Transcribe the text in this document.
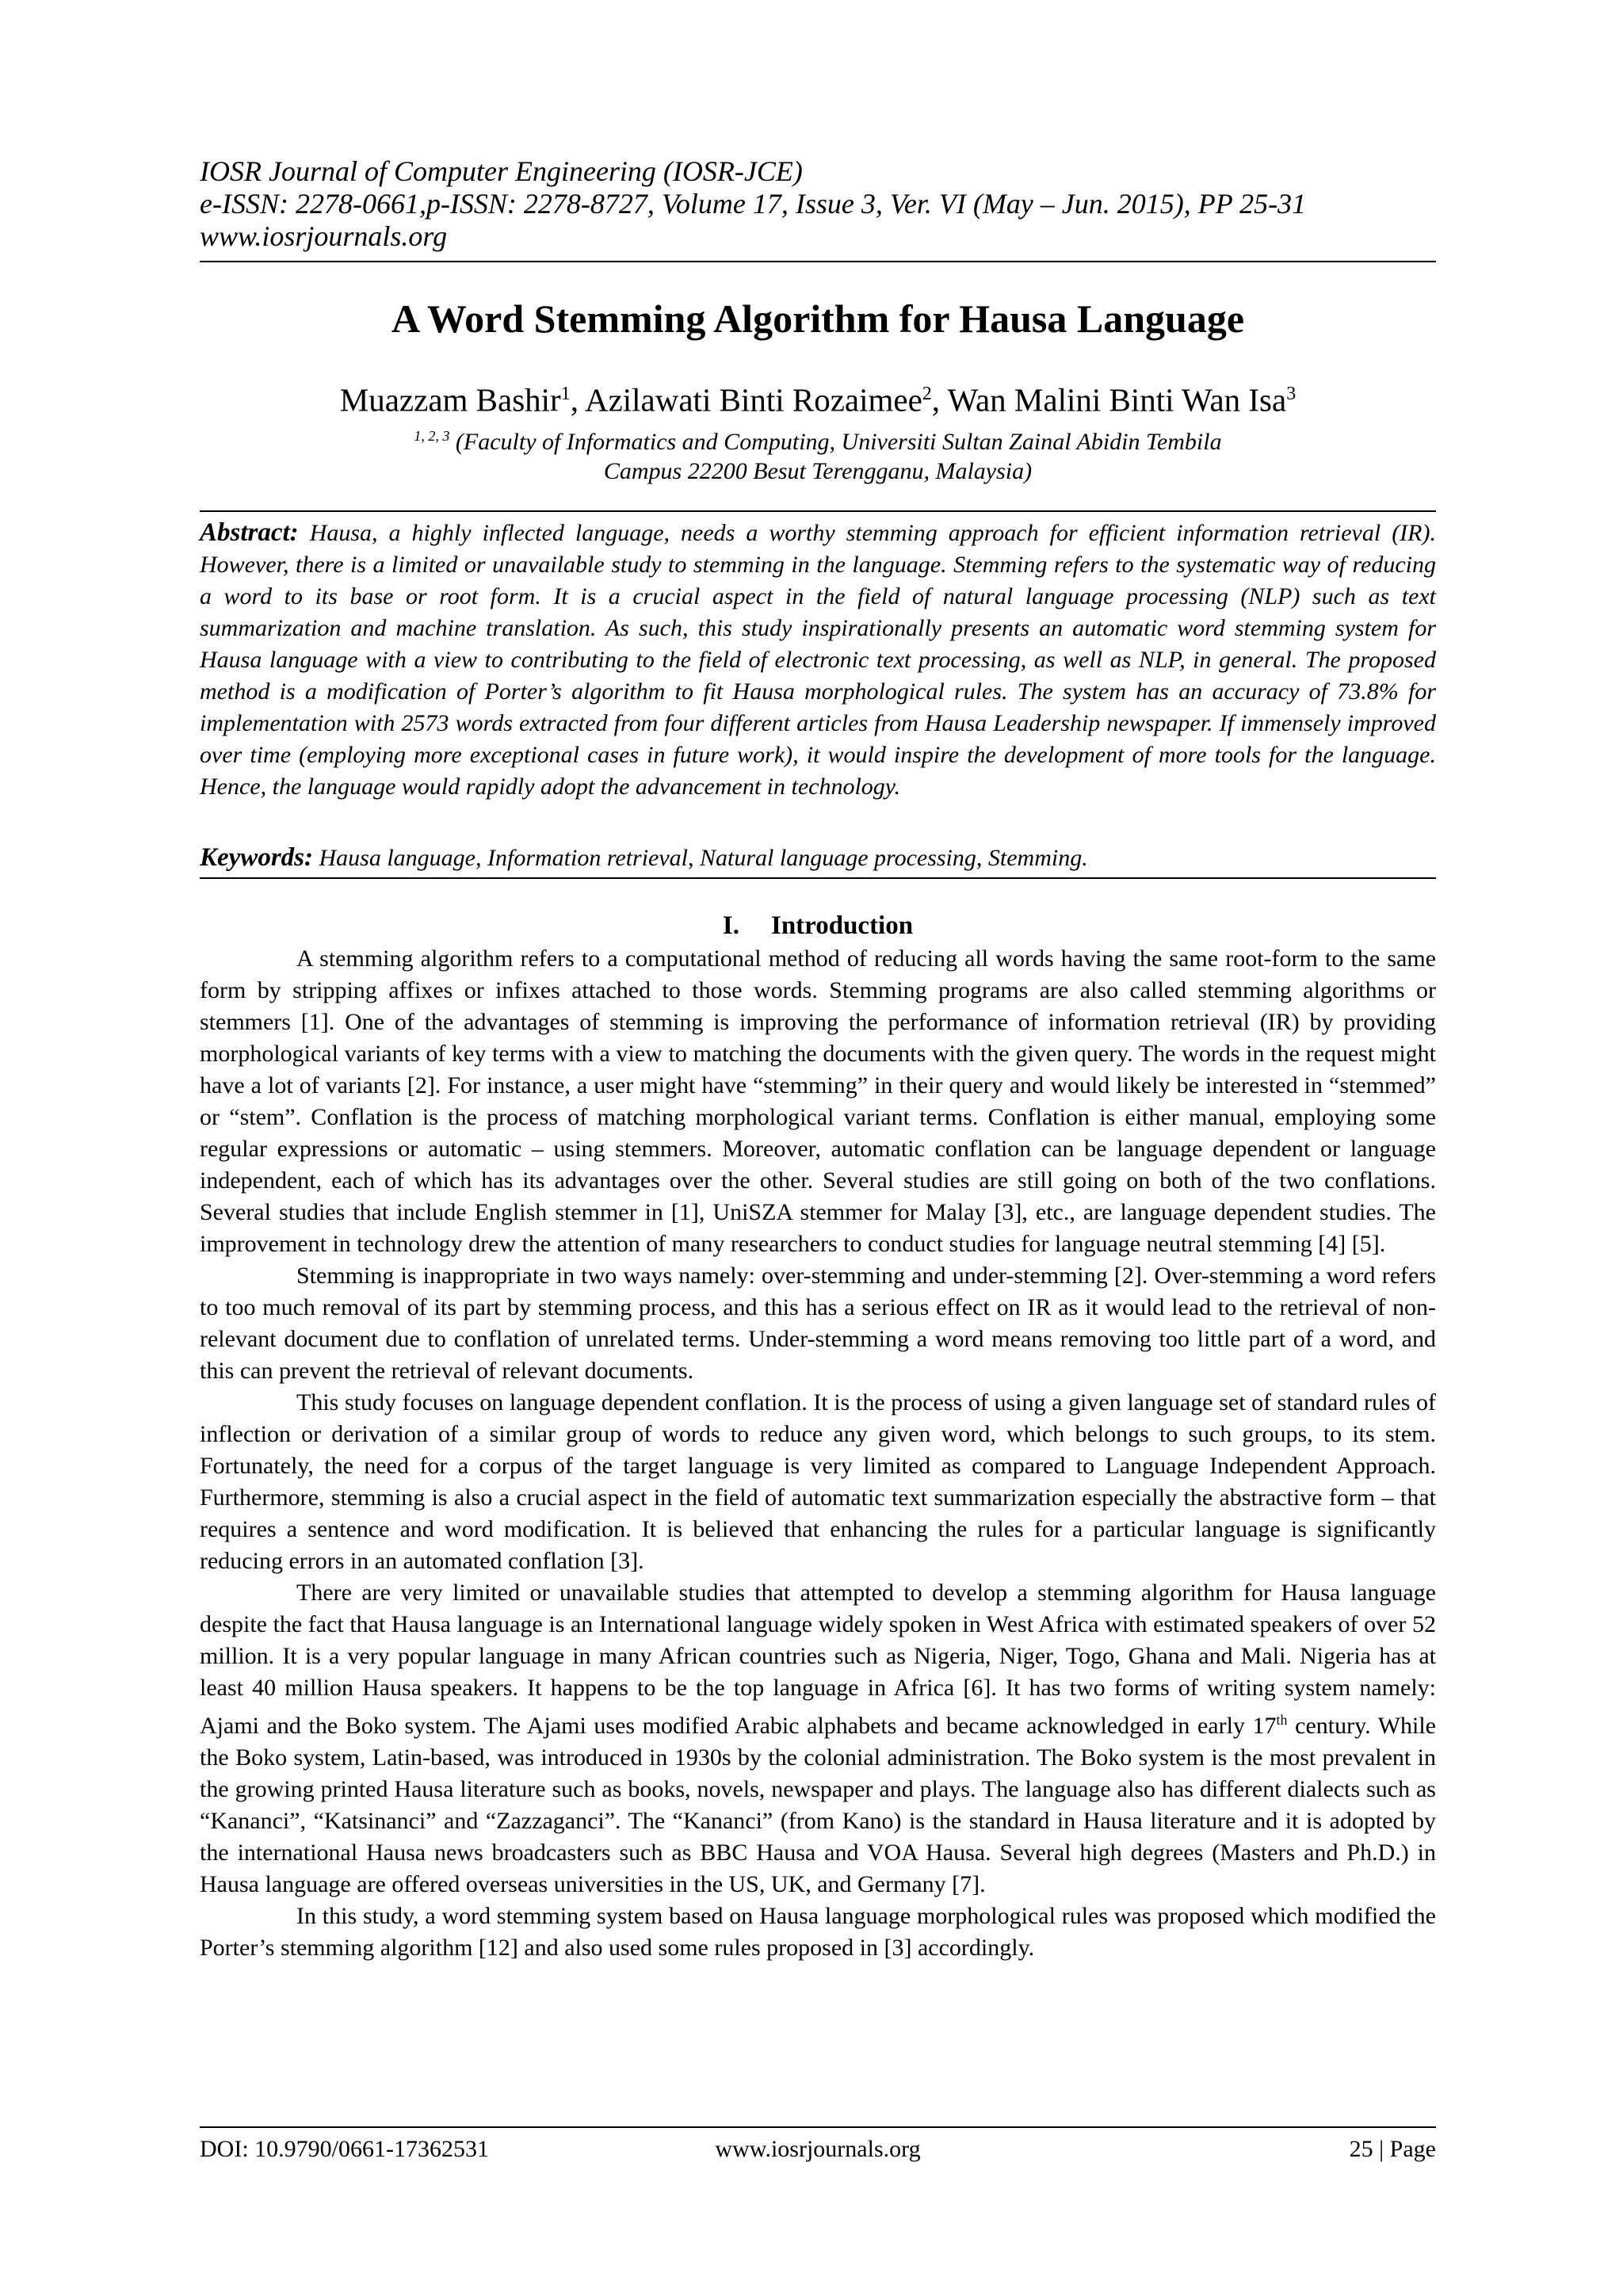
IOSR Journal of Computer Engineering (IOSR-JCE)
e-ISSN: 2278-0661,p-ISSN: 2278-8727, Volume 17, Issue 3, Ver. VI (May – Jun. 2015), PP 25-31
www.iosrjournals.org
A Word Stemming Algorithm for Hausa Language
Muazzam Bashir$^1$, Azilawati Binti Rozaimee$^2$, Wan Malini Binti Wan Isa$^3$
$^{1, 2, 3}$ (Faculty of Informatics and Computing, Universiti Sultan Zainal Abidin Tembila
Campus 22200 Besut Terengganu, Malaysia)
Abstract: Hausa, a highly inflected language, needs a worthy stemming approach for efficient information retrieval (IR). However, there is a limited or unavailable study to stemming in the language. Stemming refers to the systematic way of reducing a word to its base or root form. It is a crucial aspect in the field of natural language processing (NLP) such as text summarization and machine translation. As such, this study inspirationally presents an automatic word stemming system for Hausa language with a view to contributing to the field of electronic text processing, as well as NLP, in general. The proposed method is a modification of Porter’s algorithm to fit Hausa morphological rules. The system has an accuracy of 73.8% for implementation with 2573 words extracted from four different articles from Hausa Leadership newspaper. If immensely improved over time (employing more exceptional cases in future work), it would inspire the development of more tools for the language. Hence, the language would rapidly adopt the advancement in technology.
Keywords: Hausa language, Information retrieval, Natural language processing, Stemming.
I. Introduction

A stemming algorithm refers to a computational method of reducing all words having the same root-form to the same form by stripping affixes or infixes attached to those words. Stemming programs are also called stemming algorithms or stemmers [1]. One of the advantages of stemming is improving the performance of information retrieval (IR) by providing morphological variants of key terms with a view to matching the documents with the given query. The words in the request might have a lot of variants [2]. For instance, a user might have “stemming” in their query and would likely be interested in “stemmed” or “stem”. Conflation is the process of matching morphological variant terms. Conflation is either manual, employing some regular expressions or automatic – using stemmers. Moreover, automatic conflation can be language dependent or language independent, each of which has its advantages over the other. Several studies are still going on both of the two conflations. Several studies that include English stemmer in [1], UniSZA stemmer for Malay [3], etc., are language dependent studies. The improvement in technology drew the attention of many researchers to conduct studies for language neutral stemming [4] [5].

Stemming is inappropriate in two ways namely: over-stemming and under-stemming [2]. Over-stemming a word refers to too much removal of its part by stemming process, and this has a serious effect on IR as it would lead to the retrieval of non-relevant document due to conflation of unrelated terms. Under-stemming a word means removing too little part of a word, and this can prevent the retrieval of relevant documents.

This study focuses on language dependent conflation. It is the process of using a given language set of standard rules of inflection or derivation of a similar group of words to reduce any given word, which belongs to such groups, to its stem. Fortunately, the need for a corpus of the target language is very limited as compared to Language Independent Approach. Furthermore, stemming is also a crucial aspect in the field of automatic text summarization especially the abstractive form – that requires a sentence and word modification. It is believed that enhancing the rules for a particular language is significantly reducing errors in an automated conflation [3].

There are very limited or unavailable studies that attempted to develop a stemming algorithm for Hausa language despite the fact that Hausa language is an International language widely spoken in West Africa with estimated speakers of over 52 million. It is a very popular language in many African countries such as Nigeria, Niger, Togo, Ghana and Mali. Nigeria has at least 40 million Hausa speakers. It happens to be the top language in Africa [6]. It has two forms of writing system namely: Ajami and the Boko system. The Ajami uses modified Arabic alphabets and became acknowledged in early 17th century. While the Boko system, Latin-based, was introduced in 1930s by the colonial administration. The Boko system is the most prevalent in the growing printed Hausa literature such as books, novels, newspaper and plays. The language also has different dialects such as “Kananci”, “Katsinanci” and “Zazzaganci”. The “Kananci” (from Kano) is the standard in Hausa literature and it is adopted by the international Hausa news broadcasters such as BBC Hausa and VOA Hausa. Several high degrees (Masters and Ph.D.) in Hausa language are offered overseas universities in the US, UK, and Germany [7].

In this study, a word stemming system based on Hausa language morphological rules was proposed which modified the Porter’s stemming algorithm [12] and also used some rules proposed in [3] accordingly.

DOI: 10.9790/0661-17362531	www.iosrjournals.org	25 | Page
